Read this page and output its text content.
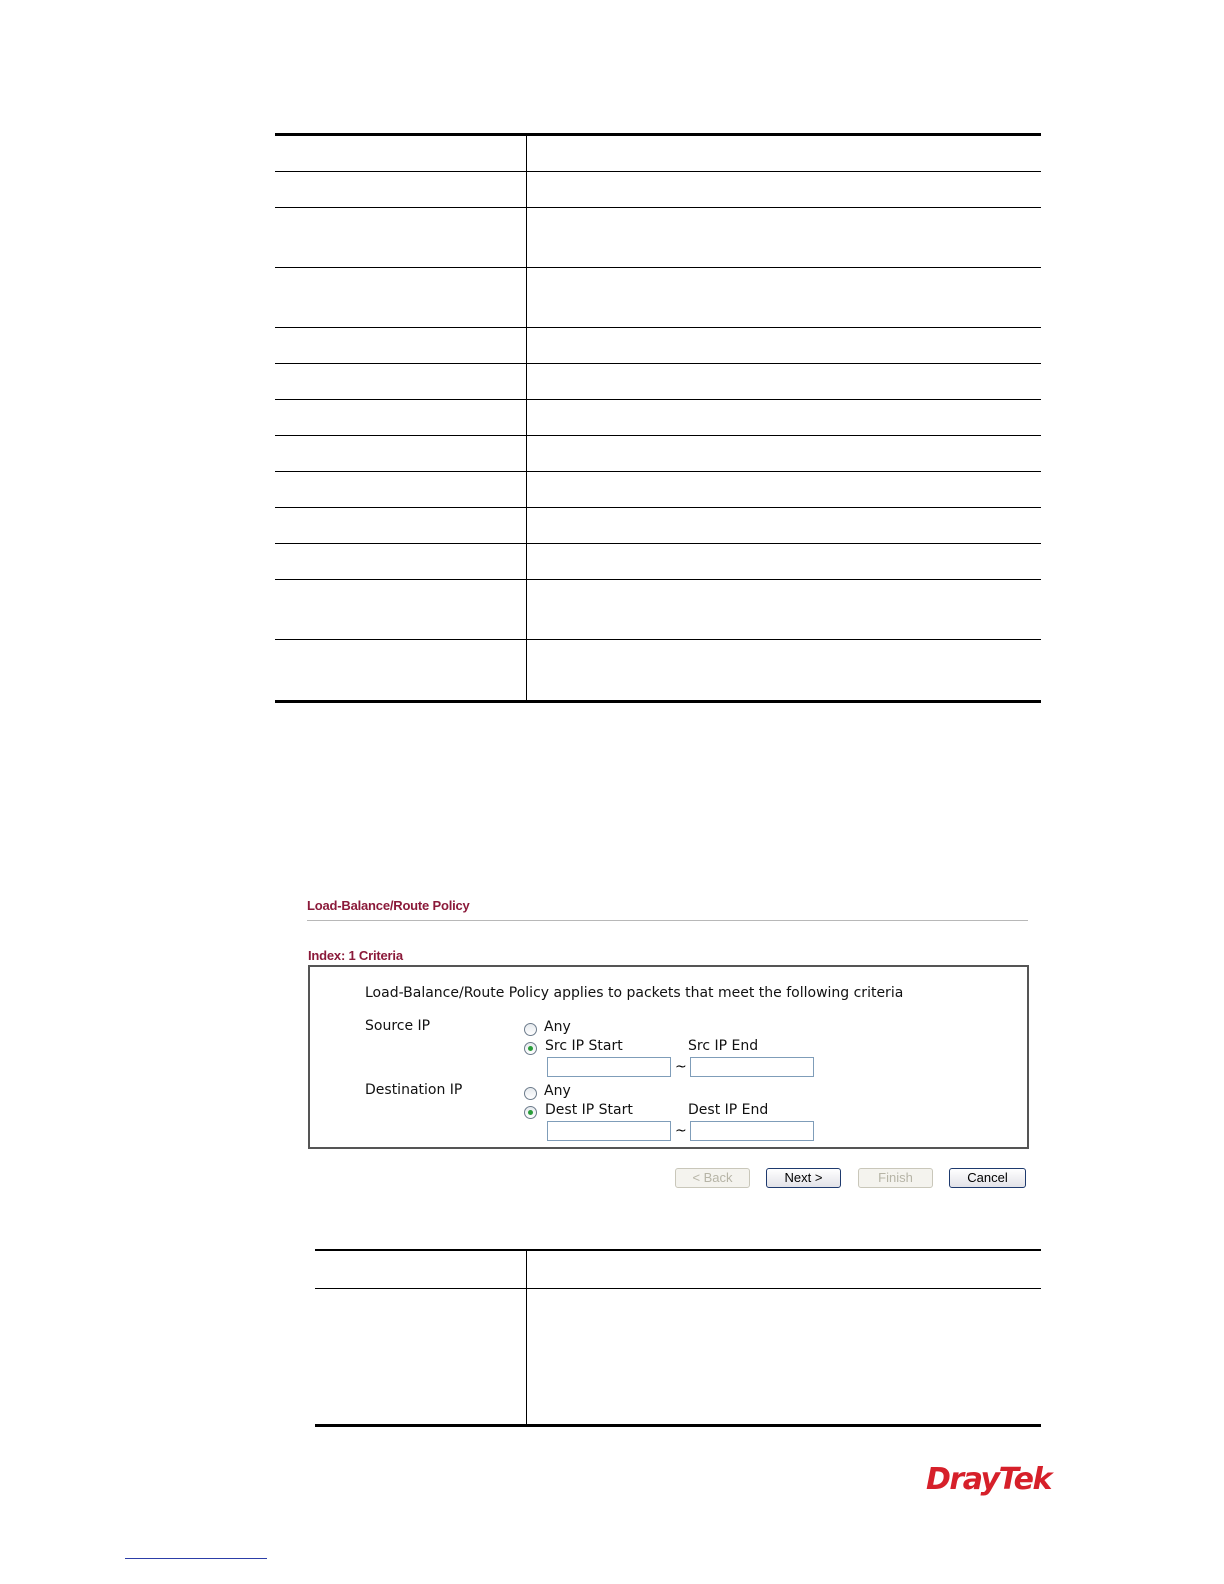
Load-Balance/Route Policy
Index: 1 Criteria
Load-Balance/Route Policy applies to packets that meet the following criteria
Source IP	Any
Src IP Start	Src IP End
~
Destination IP	Any
Dest IP Start	Dest IP End
~
< Back	Next >	Finish	Cancel
DrayTek
